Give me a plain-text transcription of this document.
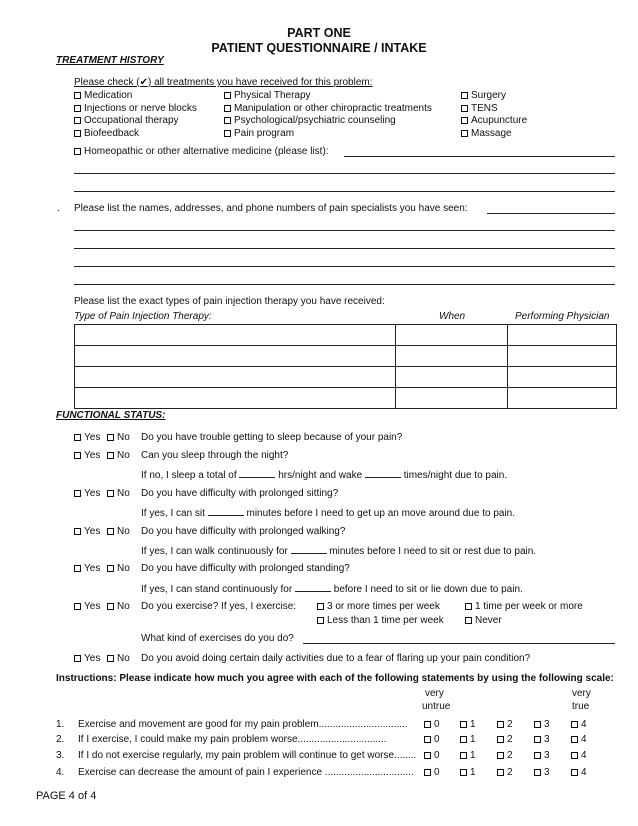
PART ONE
PATIENT QUESTIONNAIRE / INTAKE
TREATMENT HISTORY
Please check (✔) all treatments you have received for this problem:
Medication
Injections or nerve blocks
Occupational therapy
Biofeedback
Physical Therapy
Manipulation or other chiropractic treatments
Psychological/psychiatric counseling
Pain program
Surgery
TENS
Acupuncture
Massage
Homeopathic or other alternative medicine (please list):
. Please list the names, addresses, and phone numbers of pain specialists you have seen:
Please list the exact types of pain injection therapy you have received:
Type of Pain Injection Therapy:	When	Performing Physician

FUNCTIONAL STATUS:
Yes	No Do you have trouble getting to sleep because of your pain?
Yes	No Can you sleep through the night?
If no, I sleep a total of	hrs/night and wake	times/night due to pain.
Yes	No Do you have difficulty with prolonged sitting?
If yes, I can sit	minutes before I need to get up an move around due to pain.
Yes	No Do you have difficulty with prolonged walking?
If yes, I can walk continuously for	minutes before I need to sit or rest due to pain.
Yes	No Do you have difficulty with prolonged standing?
If yes, I can stand continuously for	before I need to sit or lie down due to pain.
Yes	No Do you exercise? If yes, I exercise:	3 or more times per week	1 time per week or more
Less than 1 time per week	Never
What kind of exercises do you do?
Yes	No Do you avoid doing certain daily activities due to a fear of flaring up your pain condition?
Instructions: Please indicate how much you agree with each of the following statements by using the following scale:
very
untrue
very
true
1. Exercise and movement are good for my pain problem................................	0	1	2	3	4
2. If I exercise, I could make my pain problem worse................................	0	1	2	3	4
3. If I do not exercise regularly, my pain problem will continue to get worse........	0	1	2	3	4
4. Exercise can decrease the amount of pain I experience ................................	0	1	2	3	4
PAGE 4 of 4
